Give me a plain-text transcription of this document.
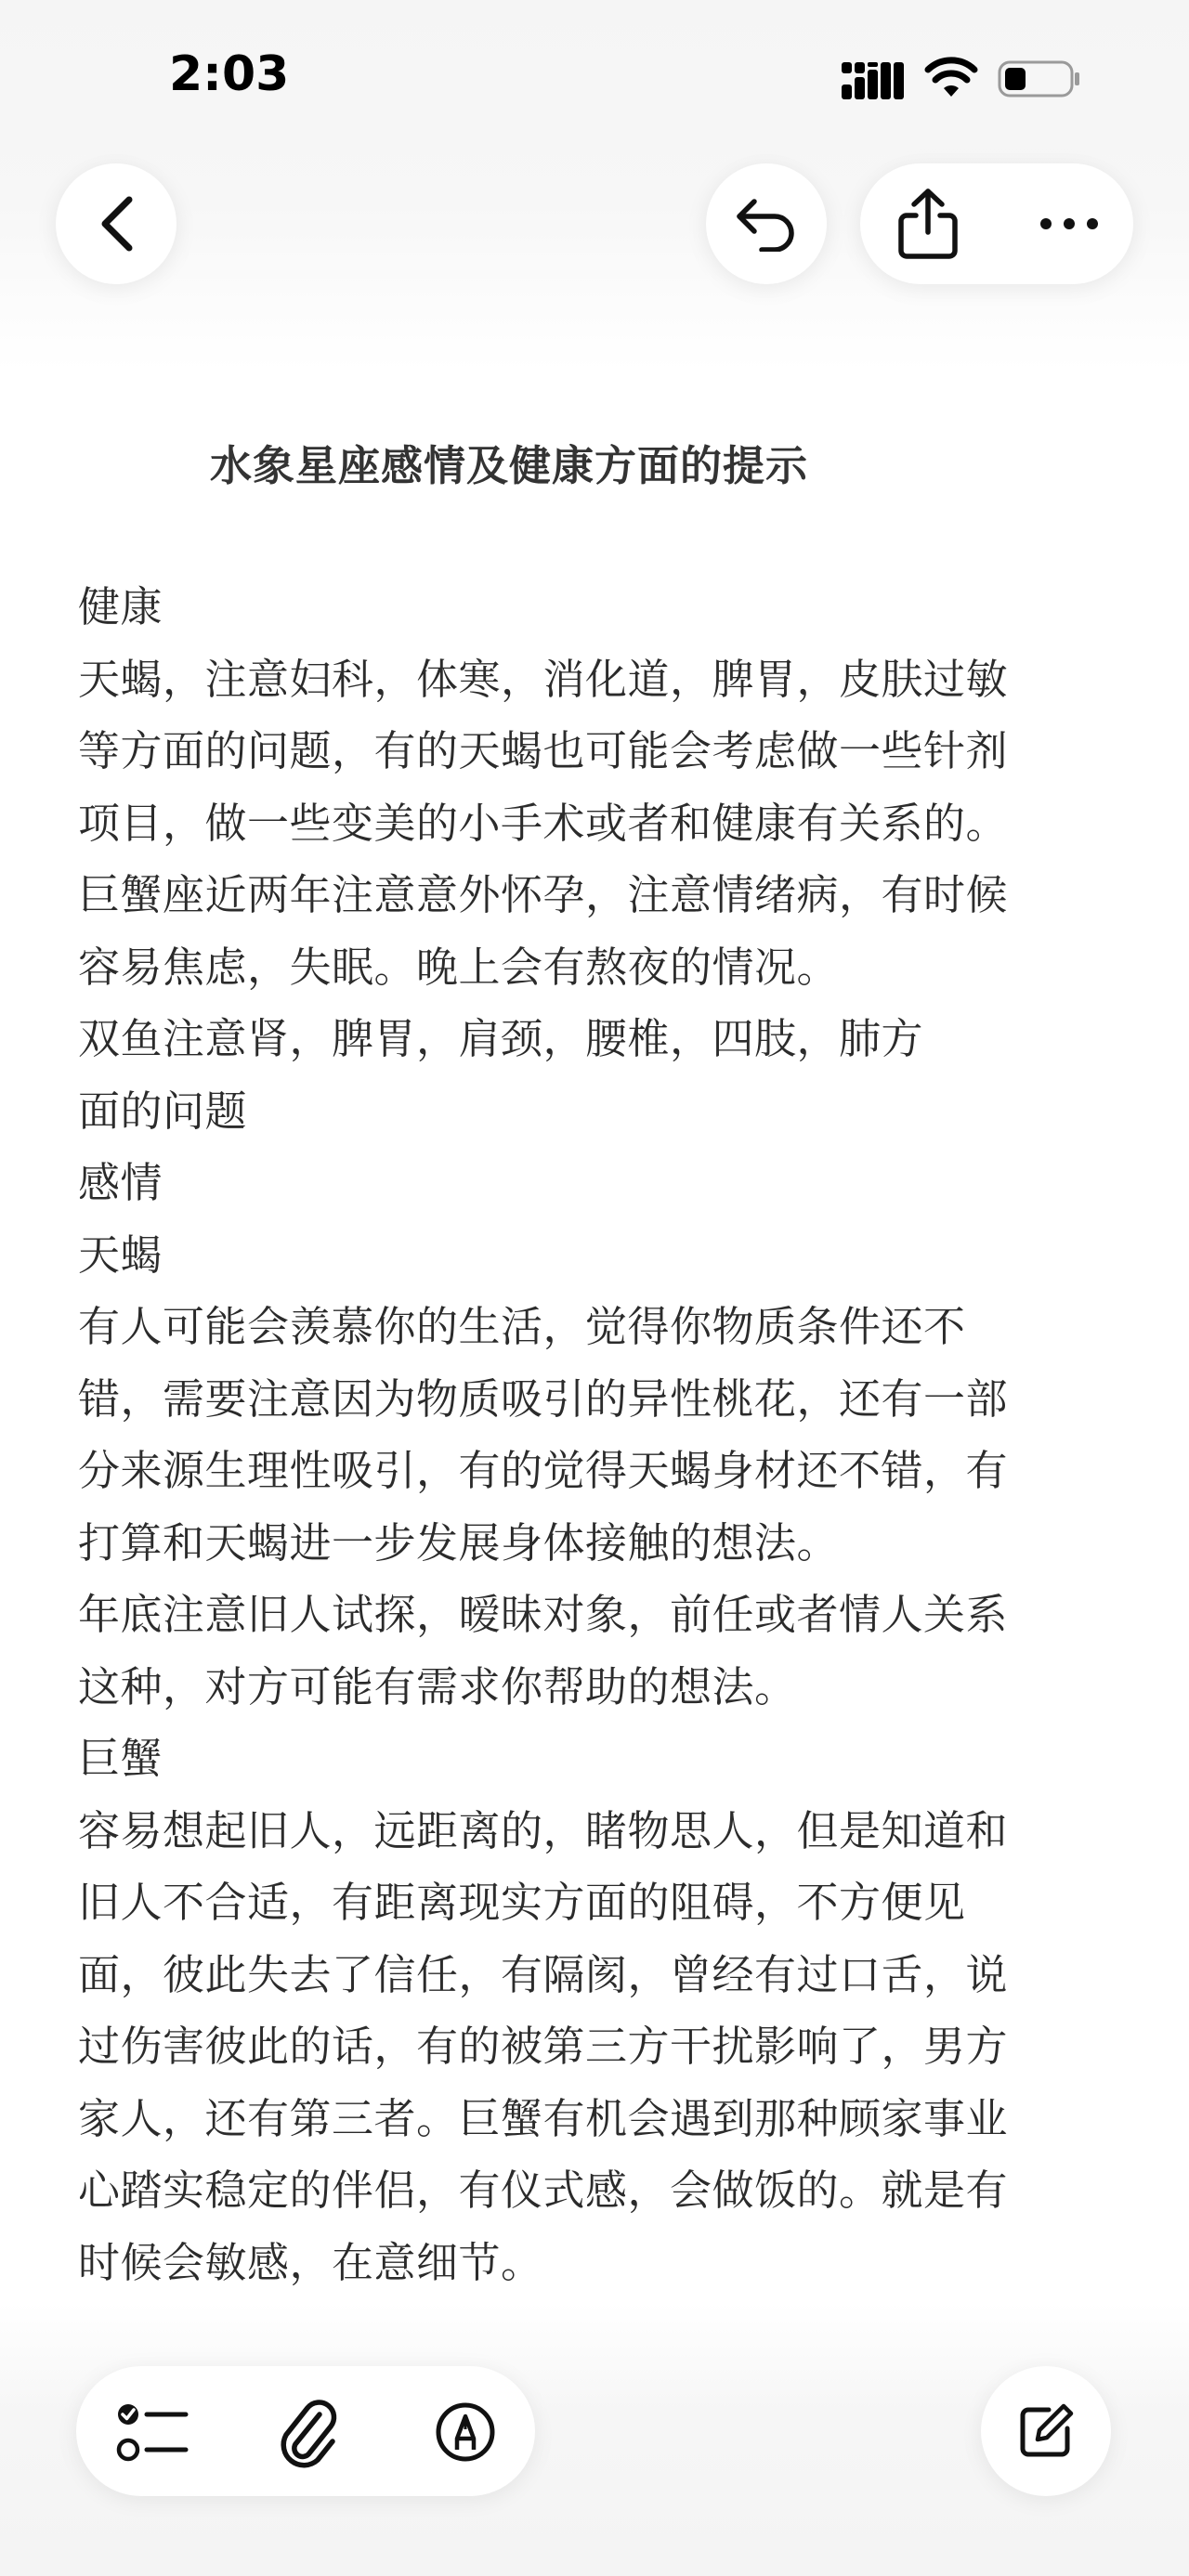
2:03
水象星座感情及健康方面的提示
健康
天蝎，注意妇科，体寒，消化道，脾胃，皮肤过敏
等方面的问题，有的天蝎也可能会考虑做一些针剂
项目，做一些变美的小手术或者和健康有关系的。
巨蟹座近两年注意意外怀孕，注意情绪病，有时候
容易焦虑，失眠。晚上会有熬夜的情况。
双鱼注意肾，脾胃，肩颈，腰椎，四肢，肺方
面的问题
感情
天蝎
有人可能会羡慕你的生活，觉得你物质条件还不
错，需要注意因为物质吸引的异性桃花，还有一部
分来源生理性吸引，有的觉得天蝎身材还不错，有
打算和天蝎进一步发展身体接触的想法。
年底注意旧人试探，暧昧对象，前任或者情人关系
这种，对方可能有需求你帮助的想法。
巨蟹
容易想起旧人，远距离的，睹物思人，但是知道和
旧人不合适，有距离现实方面的阻碍，不方便见
面，彼此失去了信任，有隔阂，曾经有过口舌，说
过伤害彼此的话，有的被第三方干扰影响了，男方
家人，还有第三者。巨蟹有机会遇到那种顾家事业
心踏实稳定的伴侣，有仪式感，会做饭的。就是有
时候会敏感，在意细节。
